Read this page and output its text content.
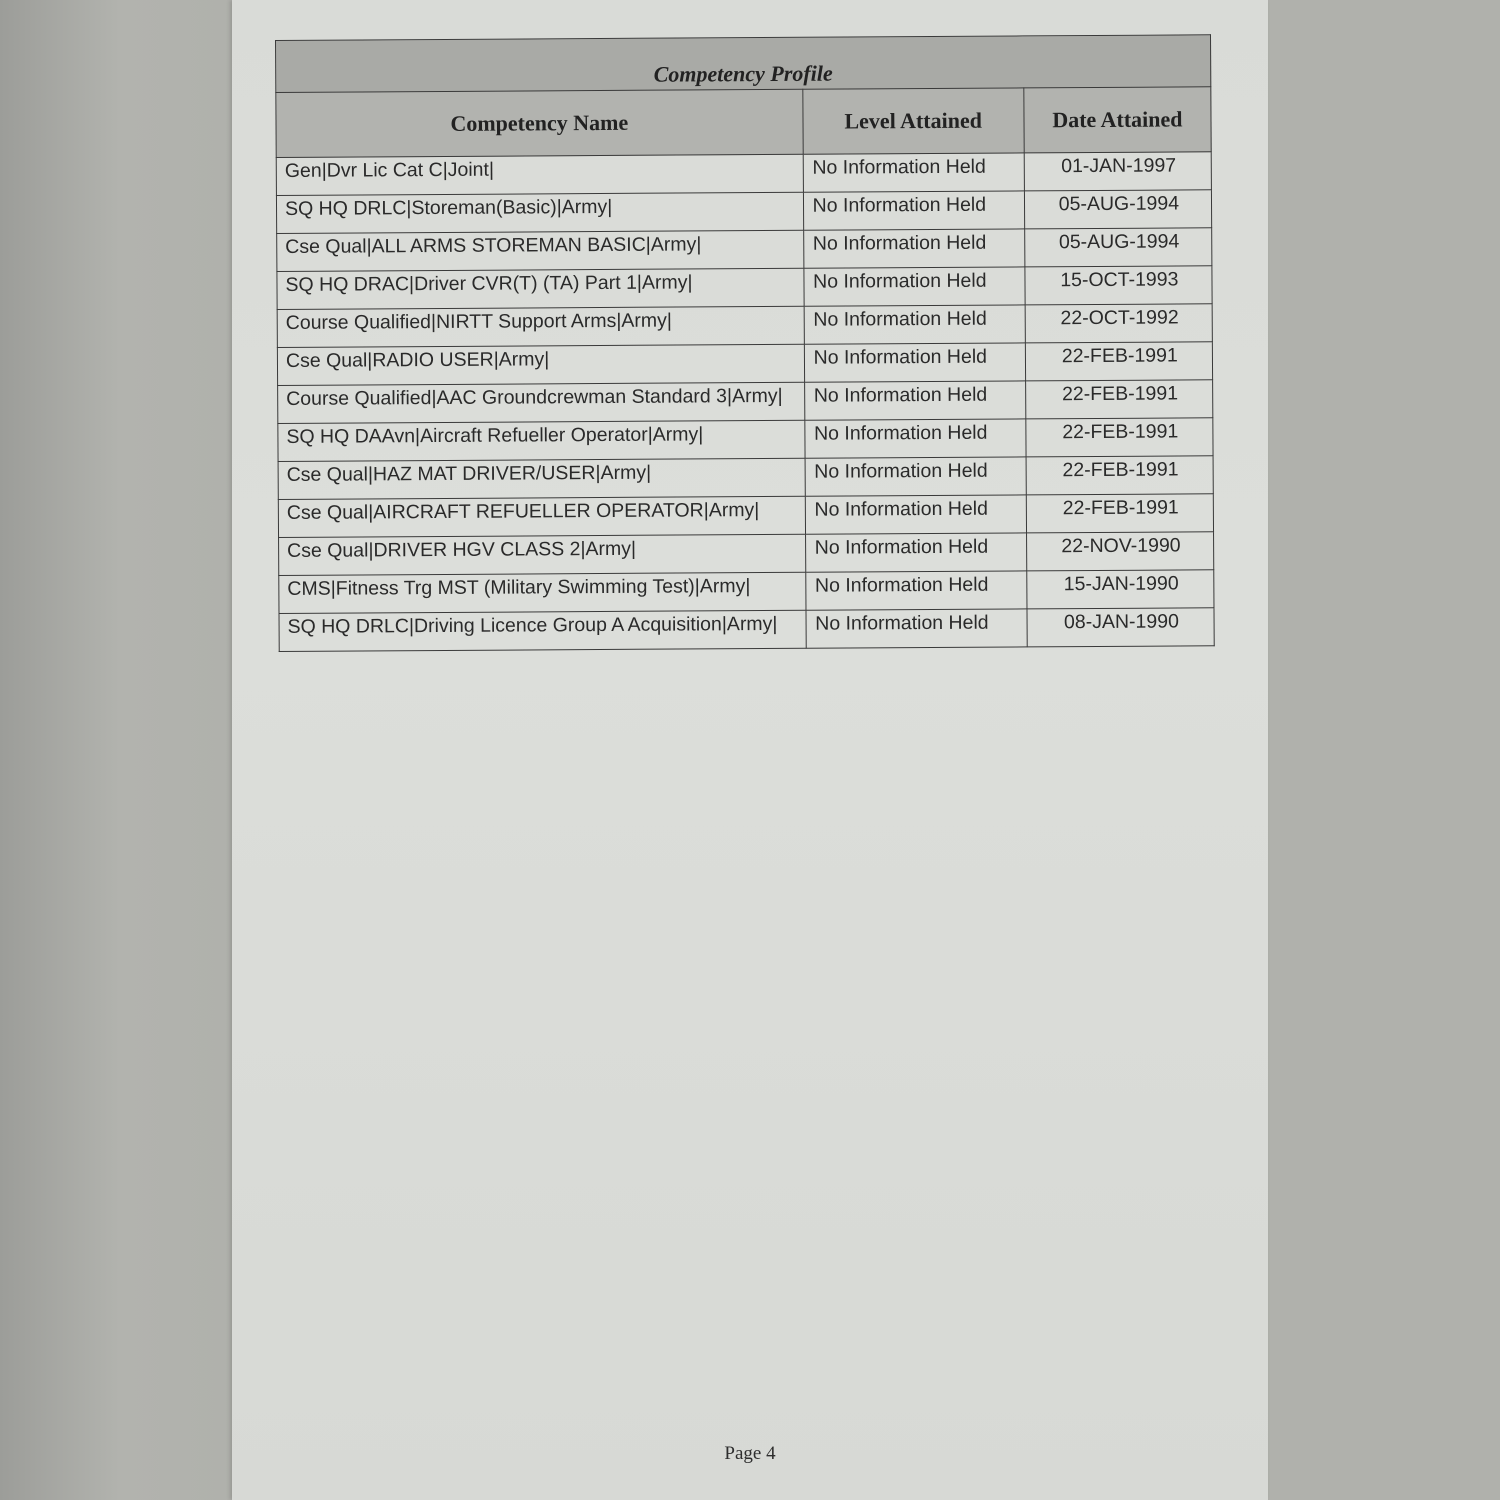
Competency Profile		
Competency Name	Level Attained	Date Attained
Gen|Dvr Lic Cat C|Joint|	No Information Held	01-JAN-1997
SQ HQ DRLC|Storeman(Basic)|Army|	No Information Held	05-AUG-1994
Cse Qual|ALL ARMS STOREMAN BASIC|Army|	No Information Held	05-AUG-1994
SQ HQ DRAC|Driver CVR(T) (TA) Part 1|Army|	No Information Held	15-OCT-1993
Course Qualified|NIRTT Support Arms|Army|	No Information Held	22-OCT-1992
Cse Qual|RADIO USER|Army|	No Information Held	22-FEB-1991
Course Qualified|AAC Groundcrewman Standard 3|Army|	No Information Held	22-FEB-1991
SQ HQ DAAvn|Aircraft Refueller Operator|Army|	No Information Held	22-FEB-1991
Cse Qual|HAZ MAT DRIVER/USER|Army|	No Information Held	22-FEB-1991
Cse Qual|AIRCRAFT REFUELLER OPERATOR|Army|	No Information Held	22-FEB-1991
Cse Qual|DRIVER HGV CLASS 2|Army|	No Information Held	22-NOV-1990
CMS|Fitness Trg MST (Military Swimming Test)|Army|	No Information Held	15-JAN-1990
SQ HQ DRLC|Driving Licence Group A Acquisition|Army|	No Information Held	08-JAN-1990
Page 4
